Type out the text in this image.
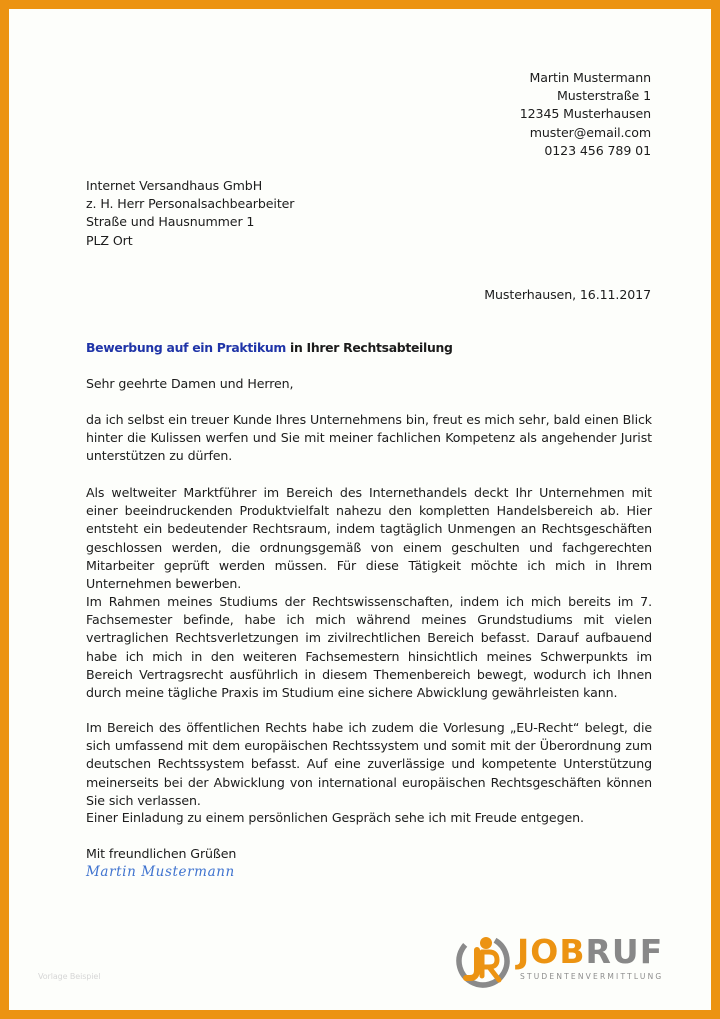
Martin Mustermann
Musterstraße 1
12345 Musterhausen
muster@email.com
0123 456 789 01
Internet Versandhaus GmbH
z. H. Herr Personalsachbearbeiter
Straße und Hausnummer 1
PLZ Ort
Musterhausen, 16.11.2017
Bewerbung auf ein Praktikum in Ihrer Rechtsabteilung
Sehr geehrte Damen und Herren,

da ich selbst ein treuer Kunde Ihres Unternehmens bin, freut es mich sehr, bald einen Blick hinter die Kulissen werfen und Sie mit meiner fachlichen Kompetenz als angehender Jurist unterstützen zu dürfen.

Als weltweiter Marktführer im Bereich des Internethandels deckt Ihr Unternehmen mit einer beeindruckenden Produktvielfalt nahezu den kompletten Handelsbereich ab. Hier entsteht ein bedeutender Rechtsraum, indem tagtäglich Unmengen an Rechtsgeschäften geschlossen werden, die ordnungsgemäß von einem geschulten und fachgerechten Mitarbeiter geprüft werden müssen. Für diese Tätigkeit möchte ich mich in Ihrem Unternehmen bewerben.

Im Rahmen meines Studiums der Rechtswissenschaften, indem ich mich bereits im 7. Fachsemester befinde, habe ich mich während meines Grundstudiums mit vielen vertraglichen Rechtsverletzungen im zivilrechtlichen Bereich befasst. Darauf aufbauend habe ich mich in den weiteren Fachsemestern hinsichtlich meines Schwerpunkts im Bereich Vertragsrecht ausführlich in diesem Themenbereich bewegt, wodurch ich Ihnen durch meine tägliche Praxis im Studium eine sichere Abwicklung gewährleisten kann.

Im Bereich des öffentlichen Rechts habe ich zudem die Vorlesung „EU-Recht“ belegt, die sich umfassend mit dem europäischen Rechtssystem und somit mit der Überordnung zum deutschen Rechtssystem befasst. Auf eine zuverlässige und kompetente Unterstützung meinerseits bei der Abwicklung von international europäischen Rechtsgeschäften können Sie sich verlassen.

Einer Einladung zu einem persönlichen Gespräch sehe ich mit Freude entgegen.
Mit freundlichen Grüßen
Martin Mustermann
Vorlage Beispiel
JOBRUF
STUDENTENVERMITTLUNG
